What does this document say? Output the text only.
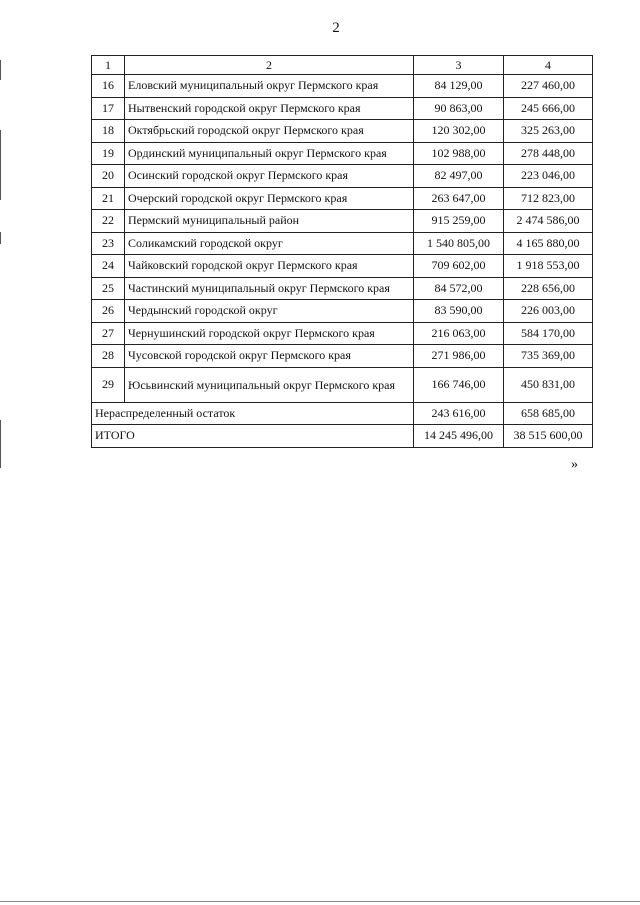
2
1	2	3	4
16	Еловский муниципальный округ Пермского края	84 129,00	227 460,00
17	Нытвенский городской округ Пермского края	90 863,00	245 666,00
18	Октябрьский городской округ Пермского края	120 302,00	325 263,00
19	Ординский муниципальный округ Пермского края	102 988,00	278 448,00
20	Осинский городской округ Пермского края	82 497,00	223 046,00
21	Очерский городской округ Пермского края	263 647,00	712 823,00
22	Пермский муниципальный район	915 259,00	2 474 586,00
23	Соликамский городской округ	1 540 805,00	4 165 880,00
24	Чайковский городской округ Пермского края	709 602,00	1 918 553,00
25	Частинский муниципальный округ Пермского края	84 572,00	228 656,00
26	Чердынский городской округ	83 590,00	226 003,00
27	Чернушинский городской округ Пермского края	216 063,00	584 170,00
28	Чусовской городской округ Пермского края	271 986,00	735 369,00
29	Юсьвинский муниципальный округ Пермского края	166 746,00	450 831,00
Нераспределенный остаток		243 616,00	658 685,00
ИТОГО		14 245 496,00	38 515 600,00
»
